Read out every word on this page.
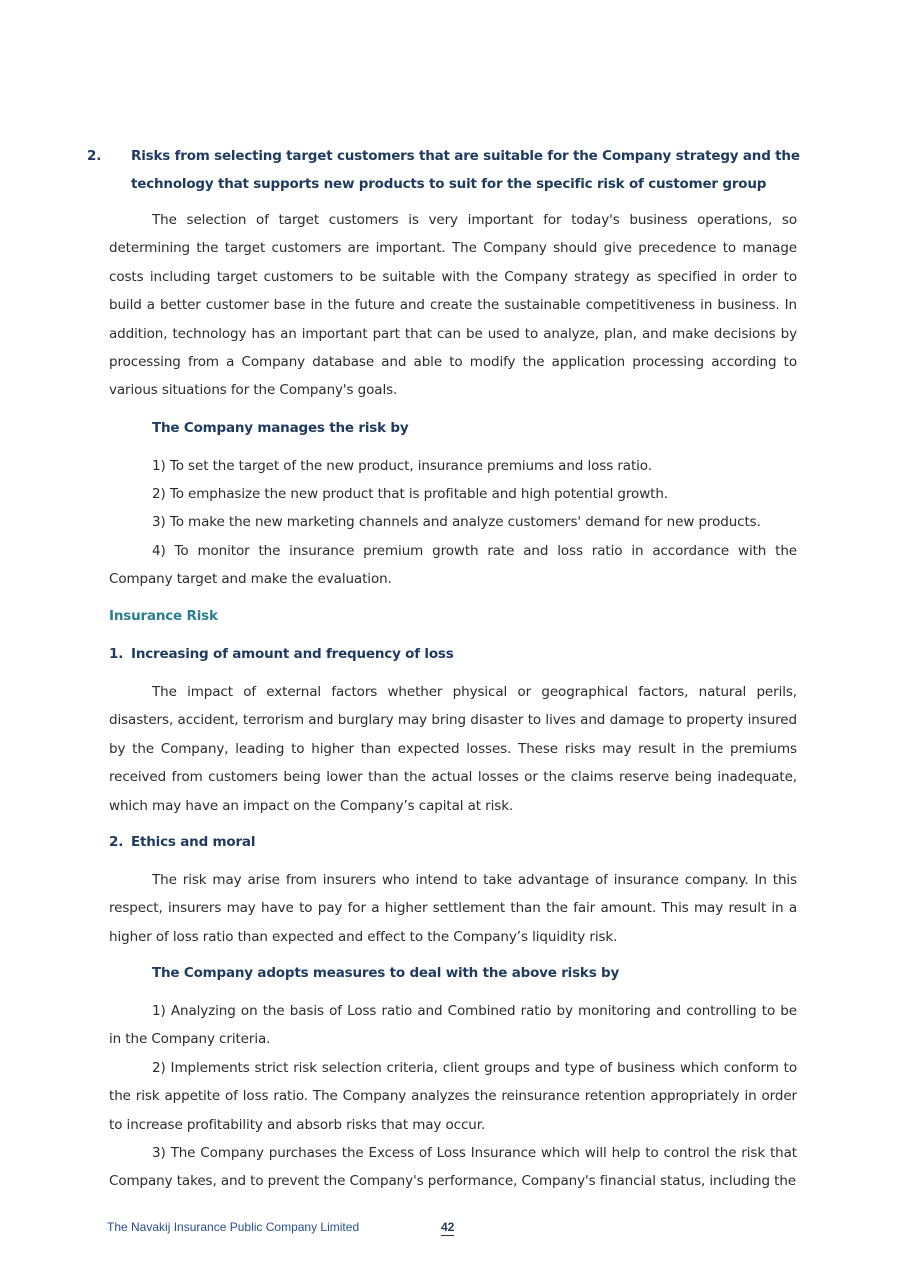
2. Risks from selecting target customers that are suitable for the Company strategy and the technology that supports new products to suit for the specific risk of customer group
The selection of target customers is very important for today's business operations, so determining the target customers are important. The Company should give precedence to manage costs including target customers to be suitable with the Company strategy as specified in order to build a better customer base in the future and create the sustainable competitiveness in business. In addition, technology has an important part that can be used to analyze, plan, and make decisions by processing from a Company database and able to modify the application processing according to various situations for the Company's goals.
The Company manages the risk by
1) To set the target of the new product, insurance premiums and loss ratio.
2) To emphasize the new product that is profitable and high potential growth.
3) To make the new marketing channels and analyze customers' demand for new products.
4) To monitor the insurance premium growth rate and loss ratio in accordance with the Company target and make the evaluation.
Insurance Risk
1. Increasing of amount and frequency of loss
The impact of external factors whether physical or geographical factors, natural perils, disasters, accident, terrorism and burglary may bring disaster to lives and damage to property insured by the Company, leading to higher than expected losses. These risks may result in the premiums received from customers being lower than the actual losses or the claims reserve being inadequate, which may have an impact on the Company’s capital at risk.
2. Ethics and moral
The risk may arise from insurers who intend to take advantage of insurance company. In this respect, insurers may have to pay for a higher settlement than the fair amount. This may result in a higher of loss ratio than expected and effect to the Company’s liquidity risk.
The Company adopts measures to deal with the above risks by
1) Analyzing on the basis of Loss ratio and Combined ratio by monitoring and controlling to be in the Company criteria.
2) Implements strict risk selection criteria, client groups and type of business which conform to the risk appetite of loss ratio. The Company analyzes the reinsurance retention appropriately in order to increase profitability and absorb risks that may occur.
3) The Company purchases the Excess of Loss Insurance which will help to control the risk that Company takes, and to prevent the Company's performance, Company's financial status, including the
The Navakij Insurance Public Company Limited	42
